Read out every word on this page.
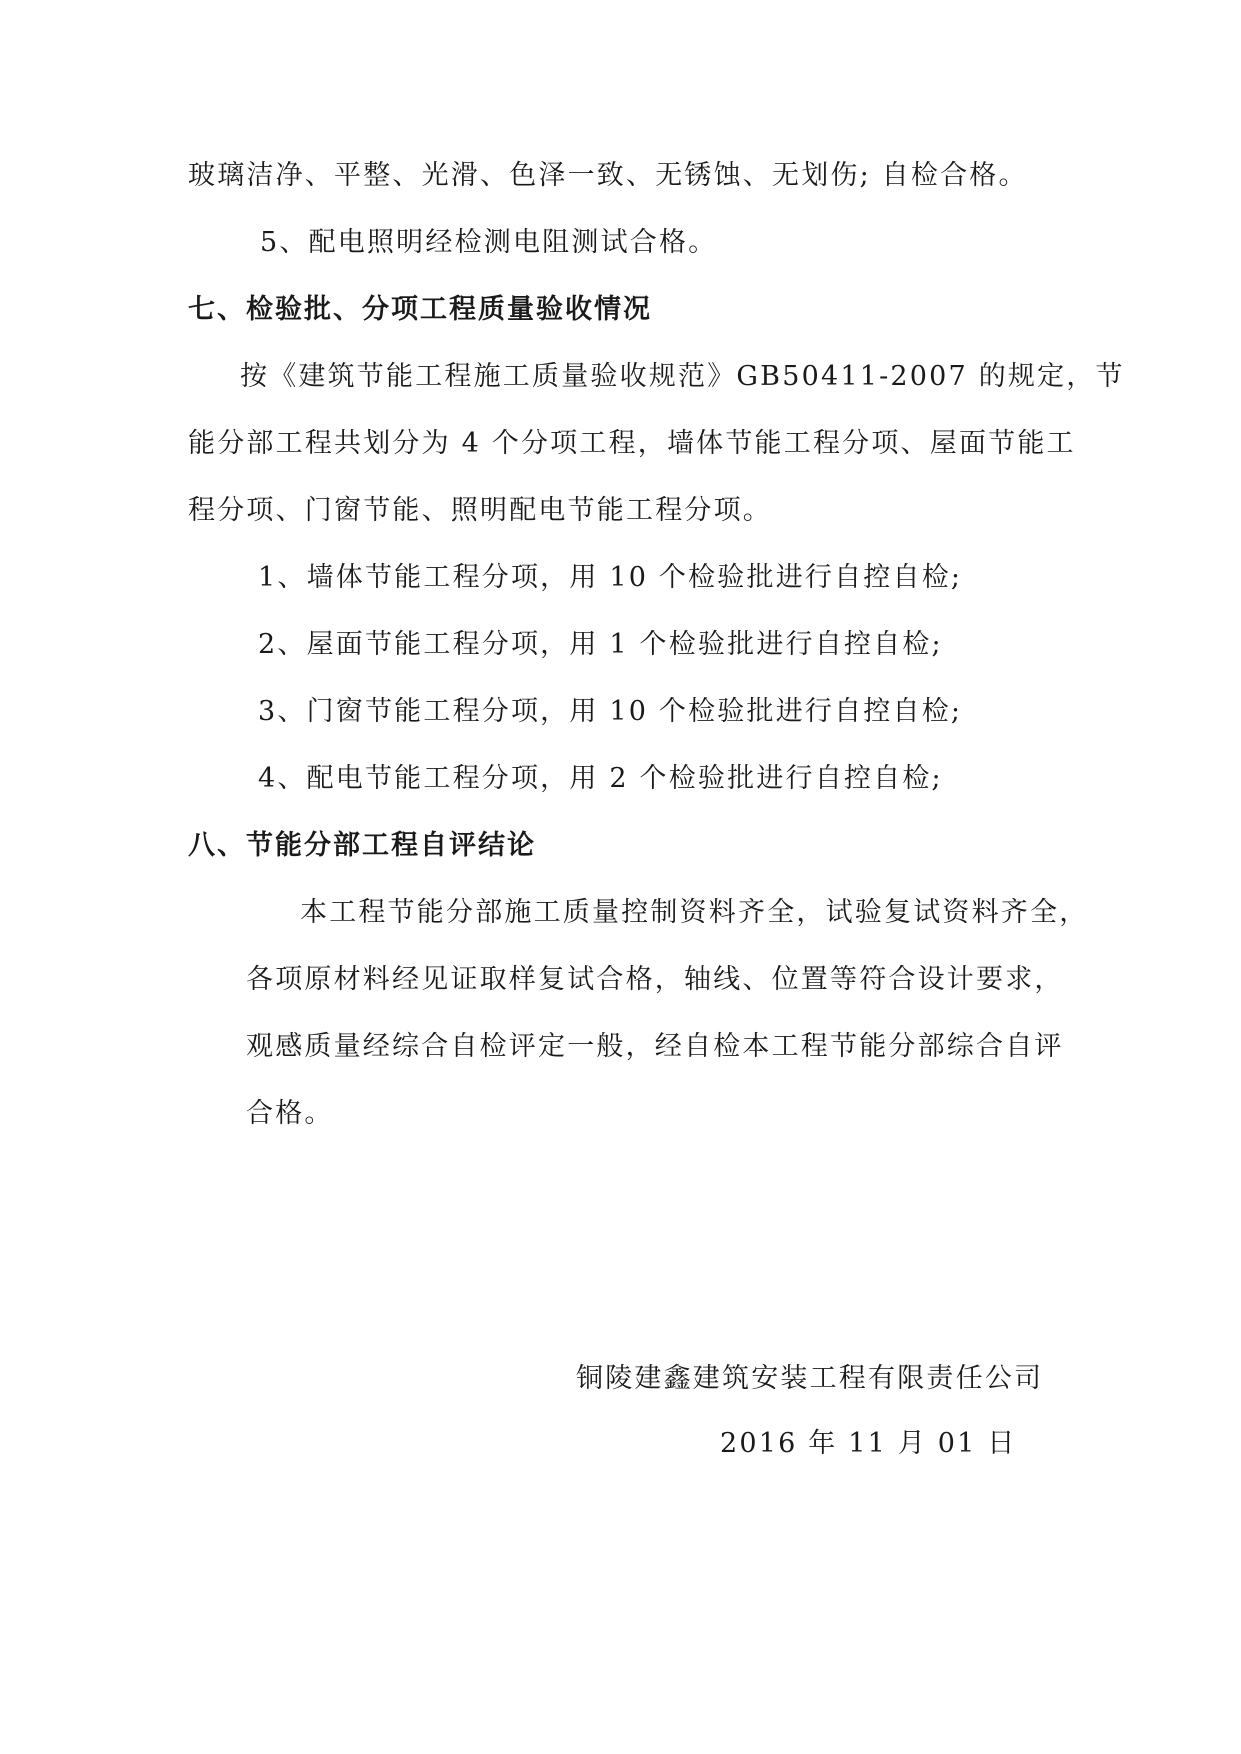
玻璃洁净、平整、光滑、色泽一致、无锈蚀、无划伤; 自检合格。
5、配电照明经检测电阻测试合格。
七、检验批、分项工程质量验收情况
按《建筑节能工程施工质量验收规范》GB50411-2007 的规定，节
能分部工程共划分为 4 个分项工程，墙体节能工程分项、屋面节能工
程分项、门窗节能、照明配电节能工程分项。
1、墙体节能工程分项，用 10 个检验批进行自控自检;
2、屋面节能工程分项，用 1 个检验批进行自控自检;
3、门窗节能工程分项，用 10 个检验批进行自控自检;
4、配电节能工程分项，用 2 个检验批进行自控自检;
八、节能分部工程自评结论
本工程节能分部施工质量控制资料齐全，试验复试资料齐全，
各项原材料经见证取样复试合格，轴线、位置等符合设计要求，
观感质量经综合自检评定一般，经自检本工程节能分部综合自评
合格。
铜陵建鑫建筑安装工程有限责任公司
2016 年 11 月 01 日
